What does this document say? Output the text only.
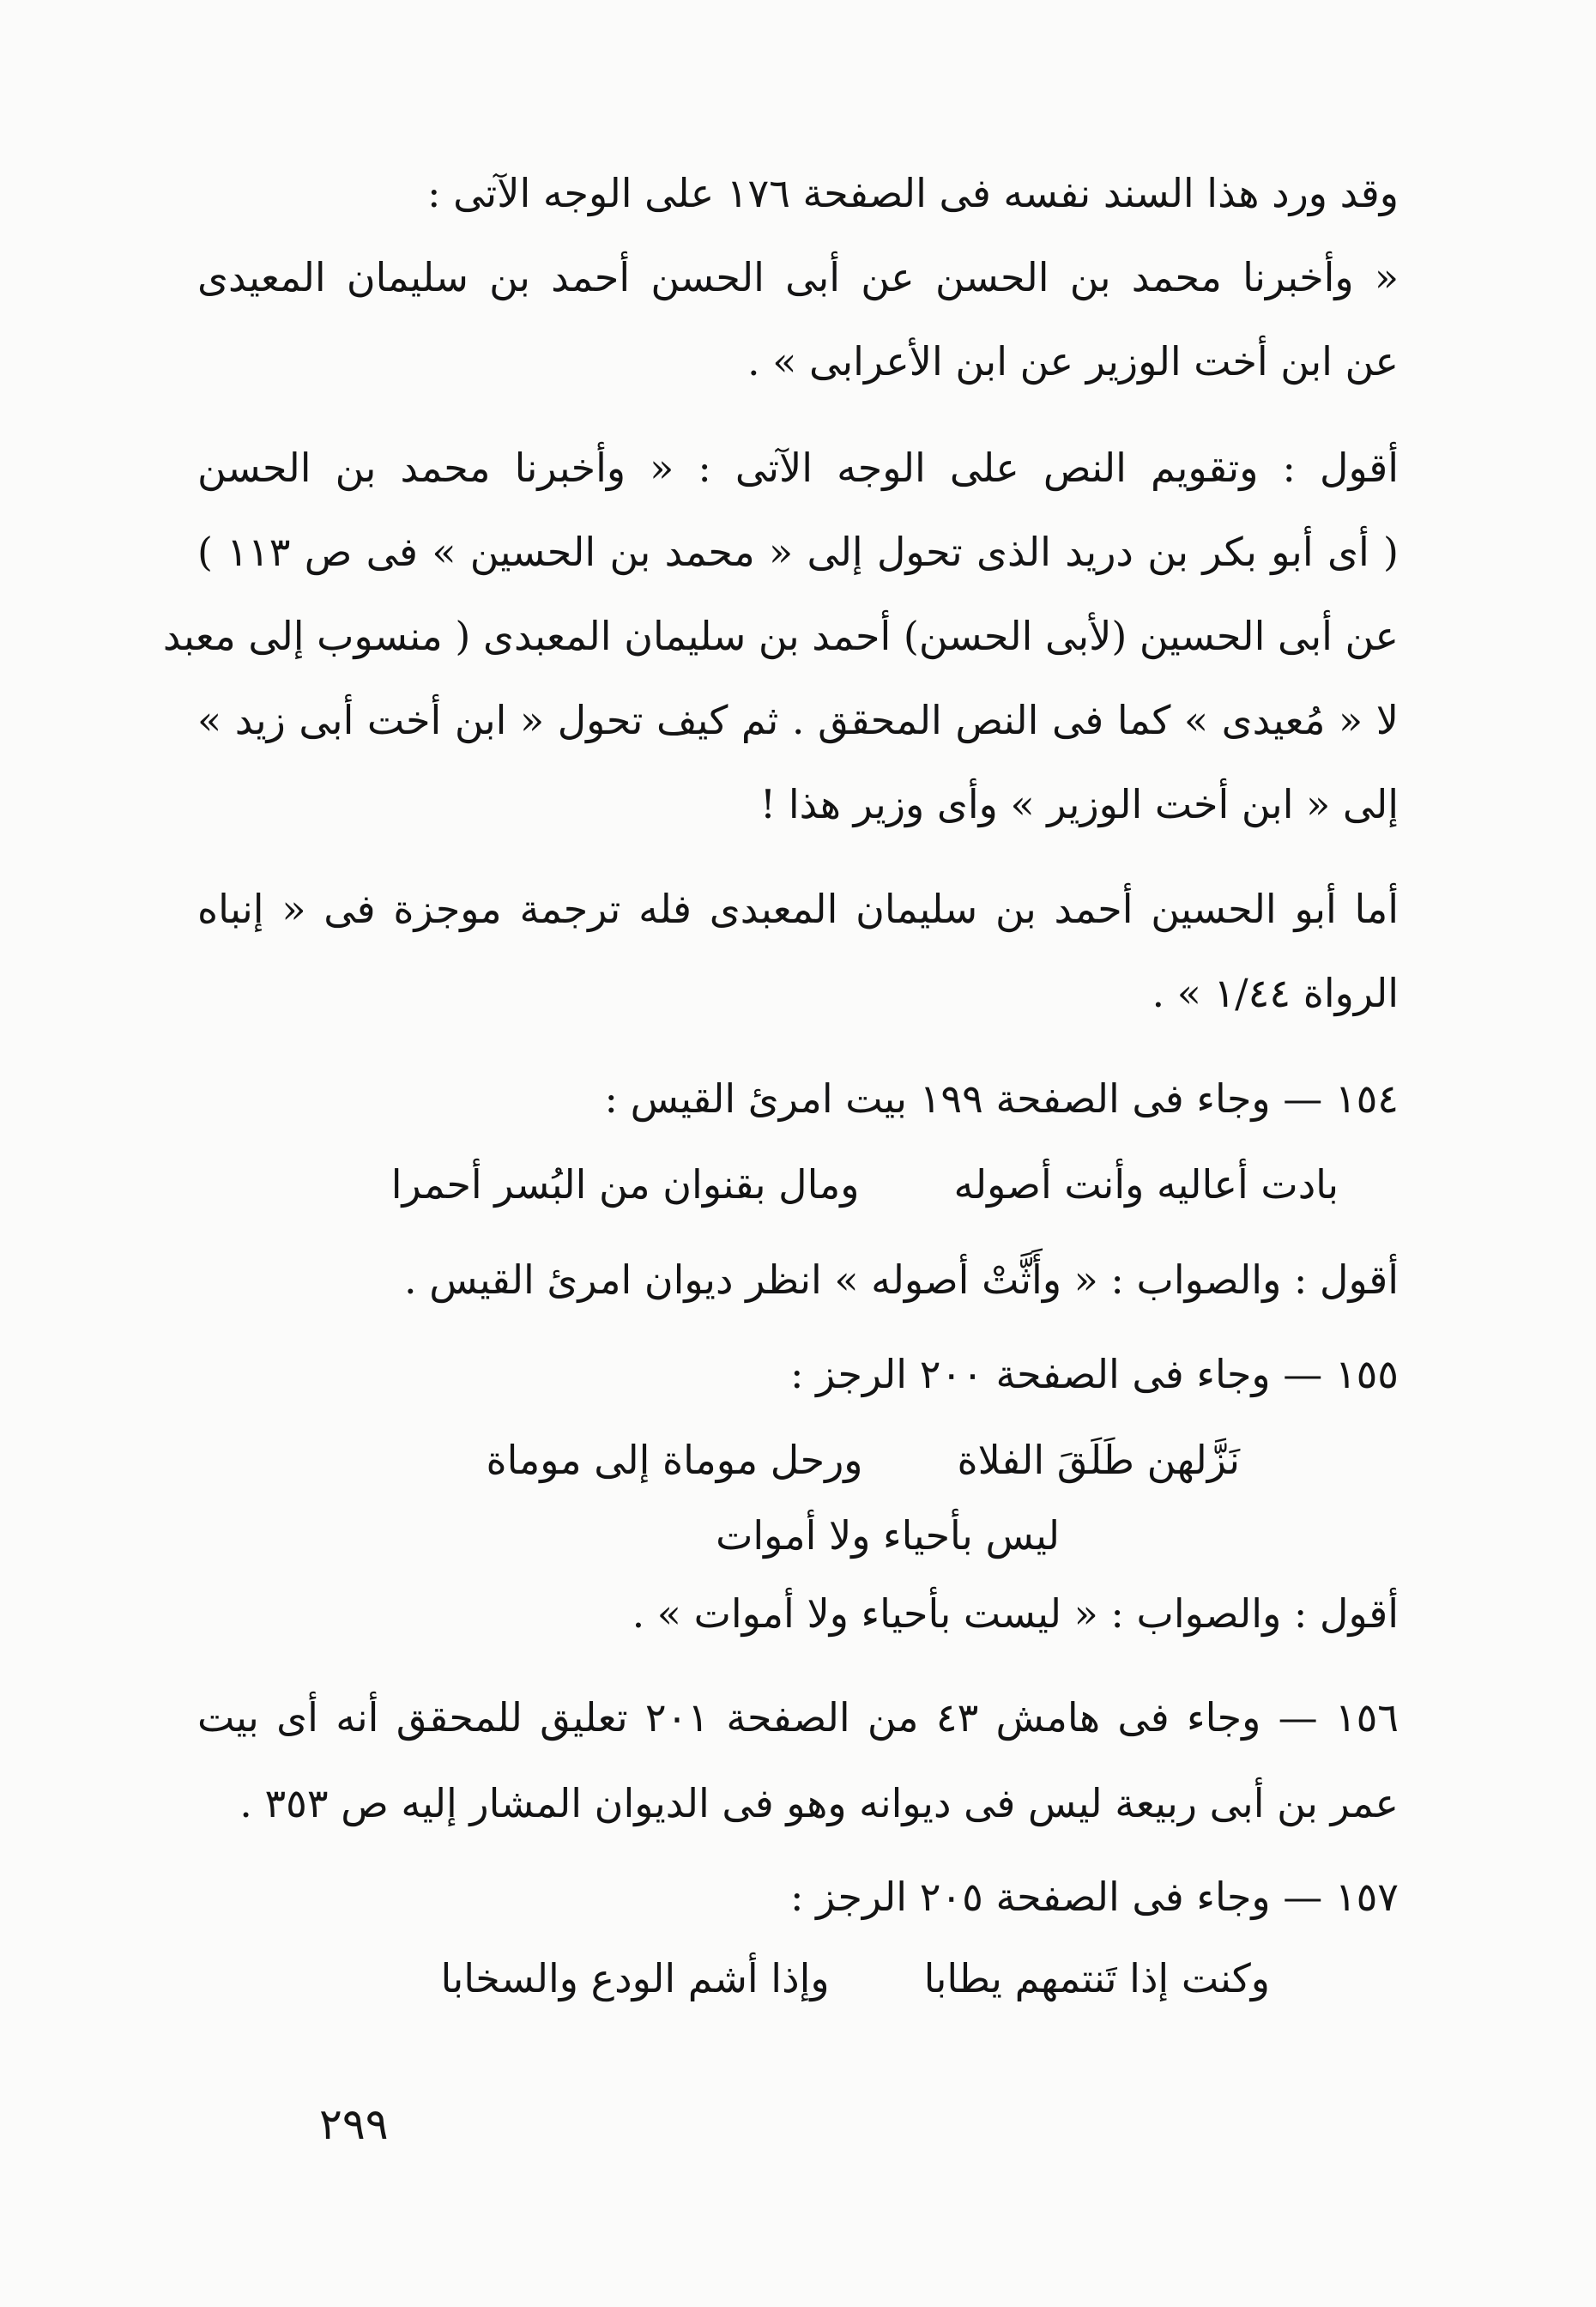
وقد ورد هذا السند نفسه فى الصفحة ١٧٦ على الوجه الآتى :
« وأخبرنا محمد بن الحسن عن أبى الحسن أحمد بن سليمان المعيدى
عن ابن أخت الوزير عن ابن الأعرابى » .
أقول : وتقويم النص على الوجه الآتى : « وأخبرنا محمد بن الحسن
( أى أبو بكر بن دريد الذى تحول إلى « محمد بن الحسين » فى ص ١١٣ )
عن أبى الحسين (لأبى الحسن) أحمد بن سليمان المعبدى ( منسوب إلى معبد
لا « مُعيدى » كما فى النص المحقق . ثم كيف تحول « ابن أخت أبى زيد »
إلى « ابن أخت الوزير » وأى وزير هذا !
أما أبو الحسين أحمد بن سليمان المعبدى فله ترجمة موجزة فى « إنباه
الرواة ١/٤٤ » .
١٥٤ — وجاء فى الصفحة ١٩٩ بيت امرئ القيس :
بادت أعاليه وأنت أصولهومال بقنوان من البُسر أحمرا
أقول : والصواب : « وأَثَّتْ أصوله » انظر ديوان امرئ القيس .
١٥٥ — وجاء فى الصفحة ٢٠٠ الرجز :
نَزَّلهن طَلَقَ الفلاةورحل موماة إلى موماة
ليس بأحياء ولا أموات
أقول : والصواب : « ليست بأحياء ولا أموات » .
١٥٦ — وجاء فى هامش ٤٣ من الصفحة ٢٠١ تعليق للمحقق أنه أى بيت
عمر بن أبى ربيعة ليس فى ديوانه وهو فى الديوان المشار إليه ص ٣٥٣ .
١٥٧ — وجاء فى الصفحة ٢٠٥ الرجز :
وكنت إذا تَنتمهم يطاباوإذا أشم الودع والسخابا
٢٩٩
